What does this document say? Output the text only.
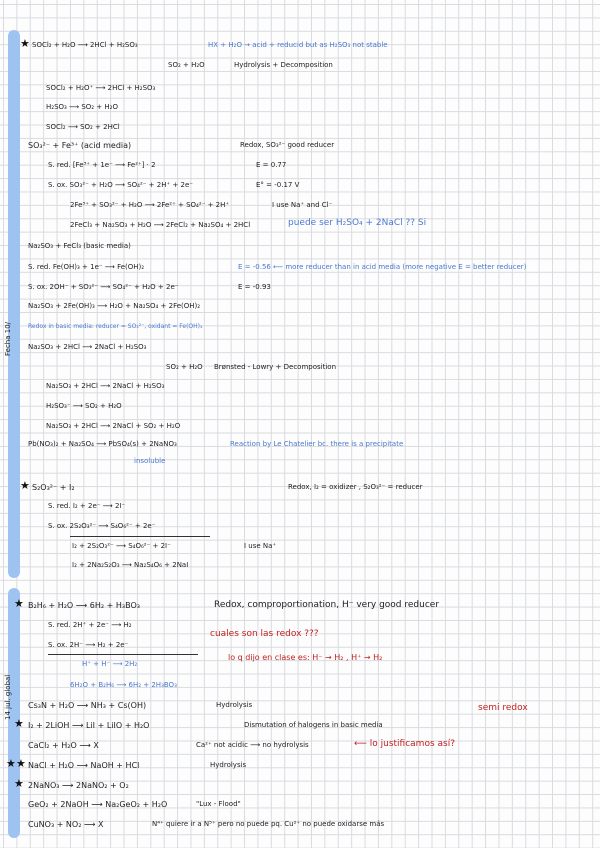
Fecha 10/
14 jul. global
★ SOCl₂ + H₂O ⟶ 2HCl + H₂SO₃	HX + H₂O → acid + reducid but as H₂SO₃ not stable
SO₂ + H₂O	Hydrolysis + Decomposition
SOCl₂ + H₂O⁺ ⟶ 2HCl + H₂SO₃
H₂SO₃ ⟶ SO₂ + H₂O
SOCl₂ ⟶ SO₂ + 2HCl
SO₃²⁻ + Fe³⁺ (acid media)	Redox, SO₃²⁻ good reducer
S. red. [Fe³⁺ + 1e⁻ ⟶ Fe²⁺] · 2	E = 0.77
S. ox. SO₃²⁻ + H₂O ⟶ SO₄²⁻ + 2H⁺ + 2e⁻	E° = -0.17 V
2Fe³⁺ + SO₃²⁻ + H₂O ⟶ 2Fe²⁺ + SO₄²⁻ + 2H⁺	I use Na⁺ and Cl⁻
2FeCl₃ + Na₂SO₃ + H₂O ⟶ 2FeCl₂ + Na₂SO₄ + 2HCl	puede ser H₂SO₄ + 2NaCl ?? Si
Na₂SO₃ + FeCl₃ (basic media)
S. red. Fe(OH)₃ + 1e⁻ ⟶ Fe(OH)₂	E = -0.56 ⟵ more reducer than in acid media (more negative E = better reducer)
S. ox. 2OH⁻ + SO₃²⁻ ⟶ SO₄²⁻ + H₂O + 2e⁻	E = -0.93
Na₂SO₃ + 2Fe(OH)₃ ⟶ H₂O + Na₂SO₄ + 2Fe(OH)₂
Redox in basic media: reducer = SO₃²⁻, oxidant = Fe(OH)₃
Na₂SO₃ + 2HCl ⟶ 2NaCl + H₂SO₃
SO₂ + H₂O Brønsted - Lowry + Decomposition
Na₂SO₃ + 2HCl ⟶ 2NaCl + H₂SO₃
H₂SO₃⁻ ⟶ SO₂ + H₂O
Na₂SO₃ + 2HCl ⟶ 2NaCl + SO₂ + H₂O
Pb(NO₃)₂ + Na₂SO₄ ⟶ PbSO₄(s) + 2NaNO₃	Reaction by Le Chatelier bc. there is a precipitate
insoluble
★ S₂O₃²⁻ + I₂	Redox, I₂ = oxidizer , S₂O₃²⁻ = reducer
S. red. I₂ + 2e⁻ ⟶ 2I⁻
S. ox. 2S₂O₃²⁻ ⟶ S₄O₆²⁻ + 2e⁻
I₂ + 2S₂O₃²⁻ ⟶ S₄O₆²⁻ + 2I⁻	I use Na⁺
I₂ + 2Na₂S₂O₃ ⟶ Na₂S₄O₆ + 2NaI
★ B₂H₆ + H₂O ⟶ 6H₂ + H₃BO₃	Redox, comproportionation, H⁻ very good reducer
S. red. 2H⁺ + 2e⁻ ⟶ H₂
S. ox. 2H⁻ ⟶ H₂ + 2e⁻
cuales son las redox ???
H⁺ + H⁻ ⟶ 2H₂
lo q dijo en clase es: H⁻ → H₂ , H⁺ → H₂
6H₂O + B₂H₆ ⟶ 6H₂ + 2H₃BO₃
Cs₃N + H₂O ⟶ NH₃ + Cs(OH)	Hydrolysis	semi redox
★ I₂ + 2LiOH ⟶ LiI + LiIO + H₂O	Dismutation of halogens in basic media
CaCl₂ + H₂O ⟶ X	Ca²⁺ not acidic ⟶ no hydrolysis	⟵ lo justificamos así?
★ ★ NaCl + H₂O ⟶ NaOH + HCl	Hydrolysis
★ 2NaNO₃ ⟶ 2NaNO₂ + O₂
GeO₂ + 2NaOH ⟶ Na₂GeO₂ + H₂O	"Lux - Flood"
CuNO₃ + NO₂ ⟶ X	N⁴⁺ quiere ir a N⁵⁺ pero no puede pq. Cu²⁺ no puede oxidarse más
